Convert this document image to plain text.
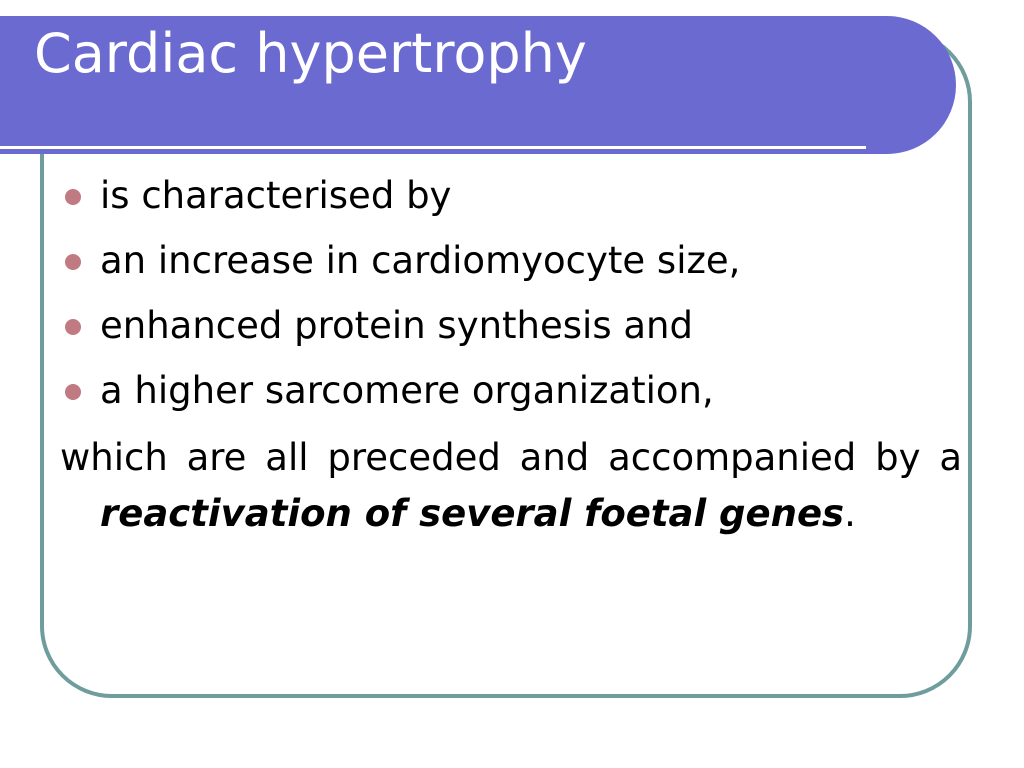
Cardiac hypertrophy
is characterised by
an increase in cardiomyocyte size,
enhanced protein synthesis and
a higher sarcomere organization,

which are all preceded and accompanied by a reactivation of several foetal genes.
